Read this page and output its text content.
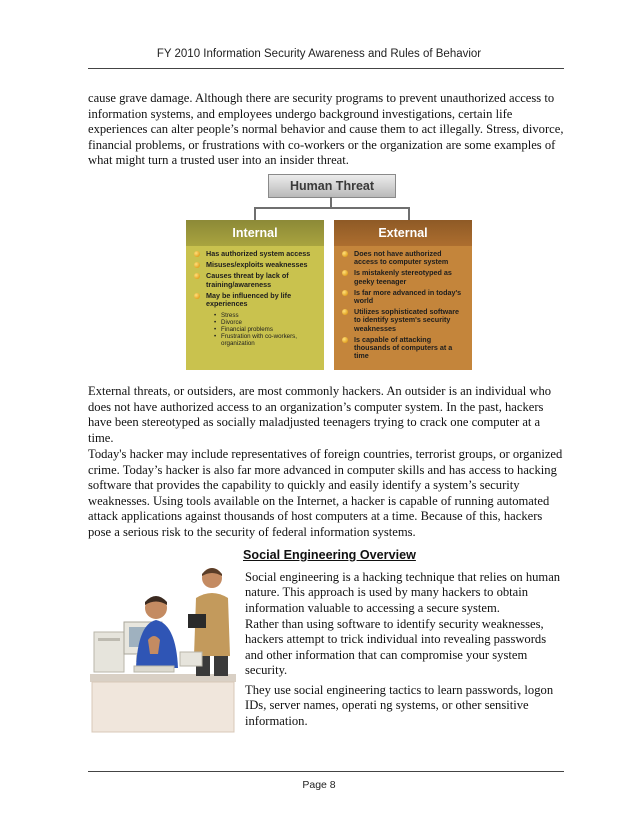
FY 2010 Information Security Awareness and Rules of Behavior

cause grave damage. Although there are security programs to prevent unauthorized access to information systems, and employees undergo background investigations, certain life experiences can alter people’s normal behavior and cause them to act illegally. Stress, divorce, financial problems, or frustrations with co-workers or the organization are some examples of what might turn a trusted user into an insider threat.

Human Threat
Internal
Has authorized system access
Misuses/exploits weaknesses
Causes threat by lack of training/awareness
May be influenced by life experiences
• Stress
• Divorce
• Financial problems
• Frustration with co-workers, organization
External
Does not have authorized access to computer system
Is mistakenly stereotyped as geeky teenager
Is far more advanced in today's world
Utilizes sophisticated software to identify system's security weaknesses
Is capable of attacking thousands of computers at a time

External threats, or outsiders, are most commonly hackers. An outsider is an individual who does not have authorized access to an organization’s computer system. In the past, hackers have been stereotyped as socially maladjusted teenagers trying to crack one computer at a time.

Today's hacker may include representatives of foreign countries, terrorist groups, or organized crime. Today’s hacker is also far more advanced in computer skills and has access to hacking software that provides the capability to quickly and easily identify a system’s security weaknesses. Using tools available on the Internet, a hacker is capable of running automated attack applications against thousands of host computers at a time. Because of this, hackers pose a serious risk to the security of federal information systems.

Social Engineering Overview

Social engineering is a hacking technique that relies on human nature. This approach is used by many hackers to obtain information valuable to accessing a secure system.

Rather than using software to identify security weaknesses, hackers attempt to trick individual into revealing passwords and other information that can compromise your system security.

They use social engineering tactics to learn passwords, logon IDs, server names, operati ng systems, or other sensitive information.

Page 8
